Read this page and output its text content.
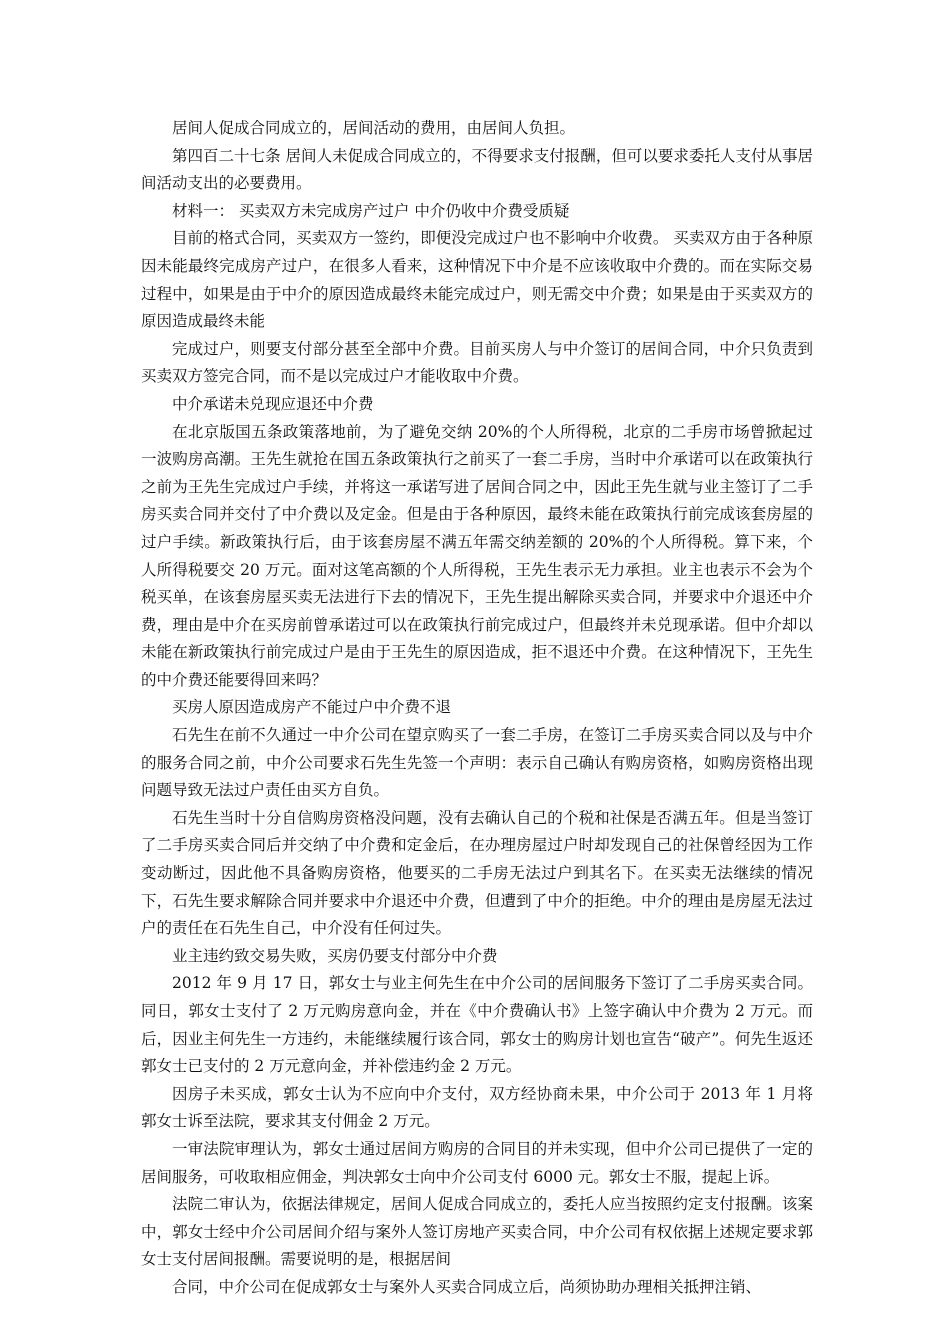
居间人促成合同成立的，居间活动的费用，由居间人负担。

第四百二十七条 居间人未促成合同成立的，不得要求支付报酬，但可以要求委托人支付从事居间活动支出的必要费用。

材料一： 买卖双方未完成房产过户 中介仍收中介费受质疑

目前的格式合同，买卖双方一签约，即便没完成过户也不影响中介收费。 买卖双方由于各种原因未能最终完成房产过户，在很多人看来，这种情况下中介是不应该收取中介费的。而在实际交易过程中，如果是由于中介的原因造成最终未能完成过户，则无需交中介费；如果是由于买卖双方的原因造成最终未能

完成过户，则要支付部分甚至全部中介费。目前买房人与中介签订的居间合同，中介只负责到买卖双方签完合同，而不是以完成过户才能收取中介费。

中介承诺未兑现应退还中介费

在北京版国五条政策落地前，为了避免交纳 20%的个人所得税，北京的二手房市场曾掀起过一波购房高潮。王先生就抢在国五条政策执行之前买了一套二手房，当时中介承诺可以在政策执行之前为王先生完成过户手续，并将这一承诺写进了居间合同之中，因此王先生就与业主签订了二手房买卖合同并交付了中介费以及定金。但是由于各种原因，最终未能在政策执行前完成该套房屋的过户手续。新政策执行后，由于该套房屋不满五年需交纳差额的 20%的个人所得税。算下来，个人所得税要交 20 万元。面对这笔高额的个人所得税，王先生表示无力承担。业主也表示不会为个税买单，在该套房屋买卖无法进行下去的情况下，王先生提出解除买卖合同，并要求中介退还中介费，理由是中介在买房前曾承诺过可以在政策执行前完成过户，但最终并未兑现承诺。但中介却以未能在新政策执行前完成过户是由于王先生的原因造成，拒不退还中介费。在这种情况下，王先生的中介费还能要得回来吗？

买房人原因造成房产不能过户中介费不退

石先生在前不久通过一中介公司在望京购买了一套二手房，在签订二手房买卖合同以及与中介的服务合同之前，中介公司要求石先生先签一个声明：表示自己确认有购房资格，如购房资格出现问题导致无法过户责任由买方自负。

石先生当时十分自信购房资格没问题，没有去确认自己的个税和社保是否满五年。但是当签订了二手房买卖合同后并交纳了中介费和定金后，在办理房屋过户时却发现自己的社保曾经因为工作变动断过，因此他不具备购房资格，他要买的二手房无法过户到其名下。在买卖无法继续的情况下，石先生要求解除合同并要求中介退还中介费，但遭到了中介的拒绝。中介的理由是房屋无法过户的责任在石先生自己，中介没有任何过失。

业主违约致交易失败，买房仍要支付部分中介费

2012 年 9 月 17 日，郭女士与业主何先生在中介公司的居间服务下签订了二手房买卖合同。同日，郭女士支付了 2 万元购房意向金，并在《中介费确认书》上签字确认中介费为 2 万元。而后，因业主何先生一方违约，未能继续履行该合同，郭女士的购房计划也宣告“破产”。何先生返还郭女士已支付的 2 万元意向金，并补偿违约金 2 万元。

因房子未买成，郭女士认为不应向中介支付，双方经协商未果，中介公司于 2013 年 1 月将郭女士诉至法院，要求其支付佣金 2 万元。

一审法院审理认为，郭女士通过居间方购房的合同目的并未实现，但中介公司已提供了一定的居间服务，可收取相应佣金，判决郭女士向中介公司支付 6000 元。郭女士不服，提起上诉。

法院二审认为，依据法律规定，居间人促成合同成立的，委托人应当按照约定支付报酬。该案中，郭女士经中介公司居间介绍与案外人签订房地产买卖合同，中介公司有权依据上述规定要求郭女士支付居间报酬。需要说明的是，根据居间

合同，中介公司在促成郭女士与案外人买卖合同成立后，尚须协助办理相关抵押注销、
